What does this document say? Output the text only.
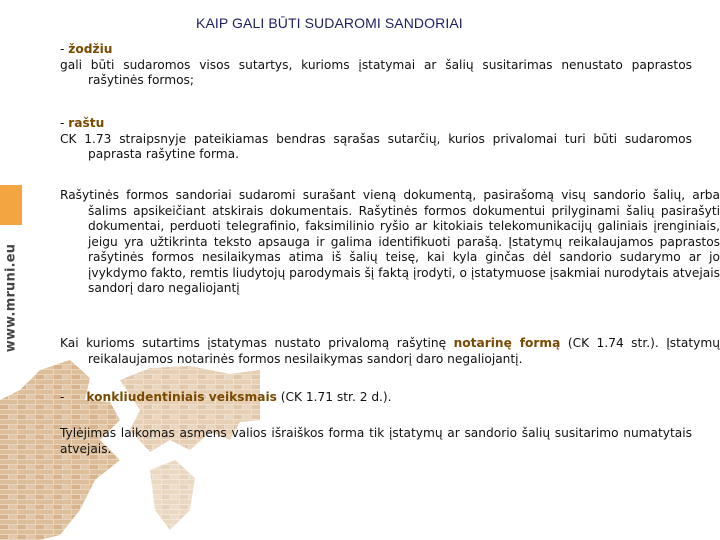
www.mruni.eu
KAIP GALI BŪTI SUDAROMI SANDORIAI
- žodžiu
gali būti sudaromos visos sutartys, kurioms įstatymai ar šalių susitarimas nenustato paprastos rašytinės formos;
- raštu
CK 1.73 straipsnyje pateikiamas bendras sąrašas sutarčių, kurios privalomai turi būti sudaromos paprasta rašytine forma.
Rašytinės formos sandoriai sudaromi surašant vieną dokumentą, pasirašomą visų sandorio šalių, arba šalims apsikeičiant atskirais dokumentais. Rašytinės formos dokumentui prilyginami šalių pasirašyti dokumentai, perduoti telegrafinio, faksimilinio ryšio ar kitokiais telekomunikacijų galiniais įrenginiais, jeigu yra užtikrinta teksto apsauga ir galima identifikuoti parašą. Įstatymų reikalaujamos paprastos rašytinės formos nesilaikymas atima iš šalių teisę, kai kyla ginčas dėl sandorio sudarymo ar jo įvykdymo fakto, remtis liudytojų parodymais šį faktą įrodyti, o įstatymuose įsakmiai nurodytais atvejais sandorį daro negaliojantį
Kai kurioms sutartims įstatymas nustato privalomą rašytinę notarinę formą (CK 1.74 str.). Įstatymų reikalaujamos notarinės formos nesilaikymas sandorį daro negaliojantį.
- konkliudentiniais veiksmais (CK 1.71 str. 2 d.).
Tylėjimas laikomas asmens valios išraiškos forma tik įstatymų ar sandorio šalių susitarimo numatytais atvejais.
